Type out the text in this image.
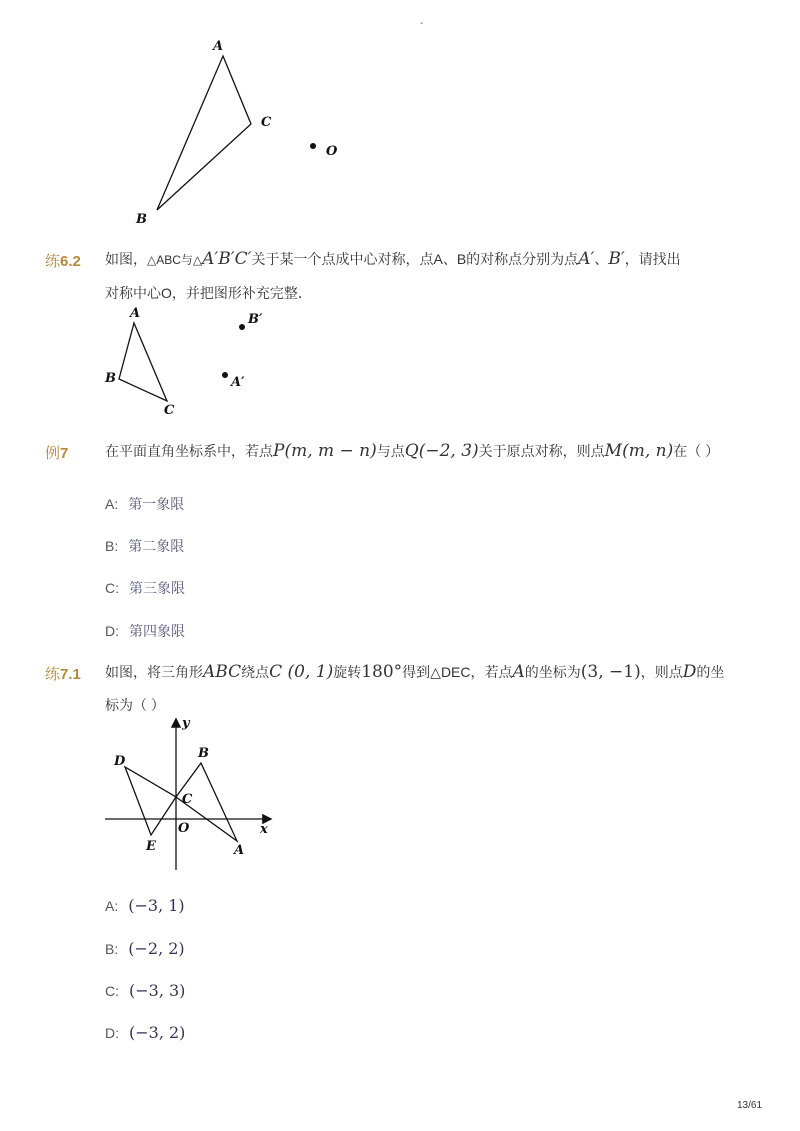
-
A
C
O
B
练6.2 如图，△ABC与△A′B′C′关于某一个点成中心对称，点A、B的对称点分别为点A′、B′，请找出
对称中心O，并把图形补充完整．
A
B
C
B′
A′
例7	在平面直角坐标系中，若点P(m, m − n)与点Q(−2, 3)关于原点对称，则点M(m, n)在（ ）
A: 第一象限
B: 第二象限
C: 第三象限
D: 第四象限
练7.1 如图，将三角形ABC绕点C (0, 1)旋转180°得到△DEC，若点A的坐标为(3, −1)，则点D的坐
标为（ ）
y
x
D
B
C
O
E	A
A: (−3, 1)
B: (−2, 2)
C: (−3, 3)
D: (−3, 2)
13/61
